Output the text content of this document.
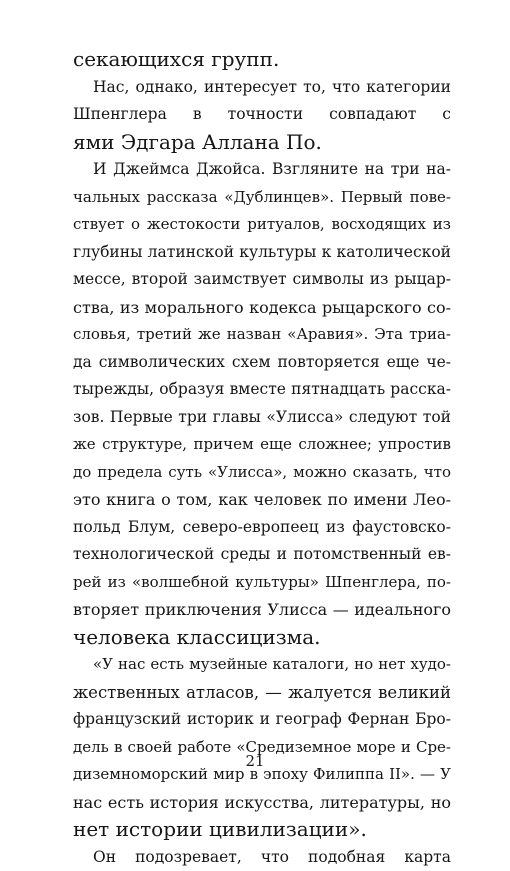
секающихся групп.
Нас, однако, интересует то, что категории
Шпенглера в точности совпадают с
ями Эдгара Аллана По.
И Джеймса Джойса. Взгляните на три на-
чальных рассказа «Дублинцев». Первый пове-
ствует о жестокости ритуалов, восходящих из
глубины латинской культуры к католической
мессе, второй заимствует символы из рыцар-
ства, из морального кодекса рыцарского со-
словья, третий же назван «Аравия». Эта триа-
да символических схем повторяется еще че-
тырежды, образуя вместе пятнадцать расска-
зов. Первые три главы «Улисса» следуют той
же структуре, причем еще сложнее; упростив
до предела суть «Улисса», можно сказать, что
это книга о том, как человек по имени Лео-
польд Блум, северо-европеец из фаустовско-
технологической среды и потомственный ев-
рей из «волшебной культуры» Шпенглера, по-
вторяет приключения Улисса — идеального
человека классицизма.
«У нас есть музейные каталоги, но нет худо-
жественных атласов, — жалуется великий
французский историк и географ Фернан Бро-
дель в своей работе «Средиземное море и Сре-
диземноморский мир в эпоху Филиппа II». — У
нас есть история искусства, литературы, но
нет истории цивилизации».
Он подозревает, что подобная карта
21
